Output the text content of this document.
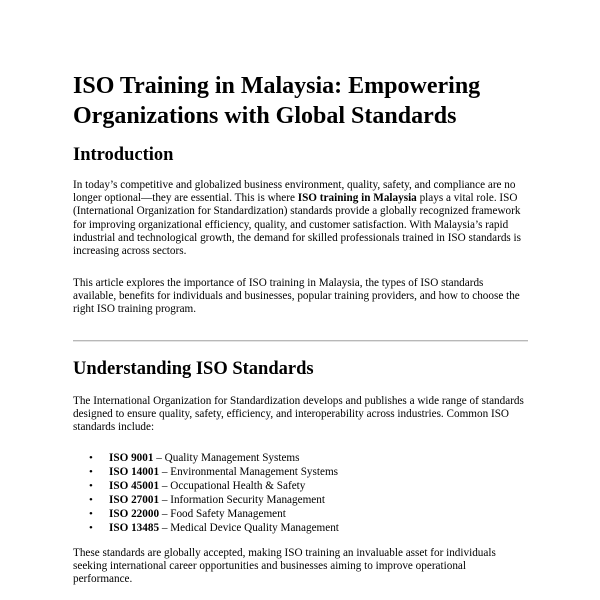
ISO Training in Malaysia: Empowering Organizations with Global Standards
Introduction

In today’s competitive and globalized business environment, quality, safety, and compliance are no longer optional—they are essential. This is where ISO training in Malaysia plays a vital role. ISO (International Organization for Standardization) standards provide a globally recognized framework for improving organizational efficiency, quality, and customer satisfaction. With Malaysia’s rapid industrial and technological growth, the demand for skilled professionals trained in ISO standards is increasing across sectors.

This article explores the importance of ISO training in Malaysia, the types of ISO standards available, benefits for individuals and businesses, popular training providers, and how to choose the right ISO training program.

Understanding ISO Standards

The International Organization for Standardization develops and publishes a wide range of standards designed to ensure quality, safety, efficiency, and interoperability across industries. Common ISO standards include:

• ISO 9001 – Quality Management Systems
• ISO 14001 – Environmental Management Systems
• ISO 45001 – Occupational Health & Safety
• ISO 27001 – Information Security Management
• ISO 22000 – Food Safety Management
• ISO 13485 – Medical Device Quality Management

These standards are globally accepted, making ISO training an invaluable asset for individuals seeking international career opportunities and businesses aiming to improve operational performance.
